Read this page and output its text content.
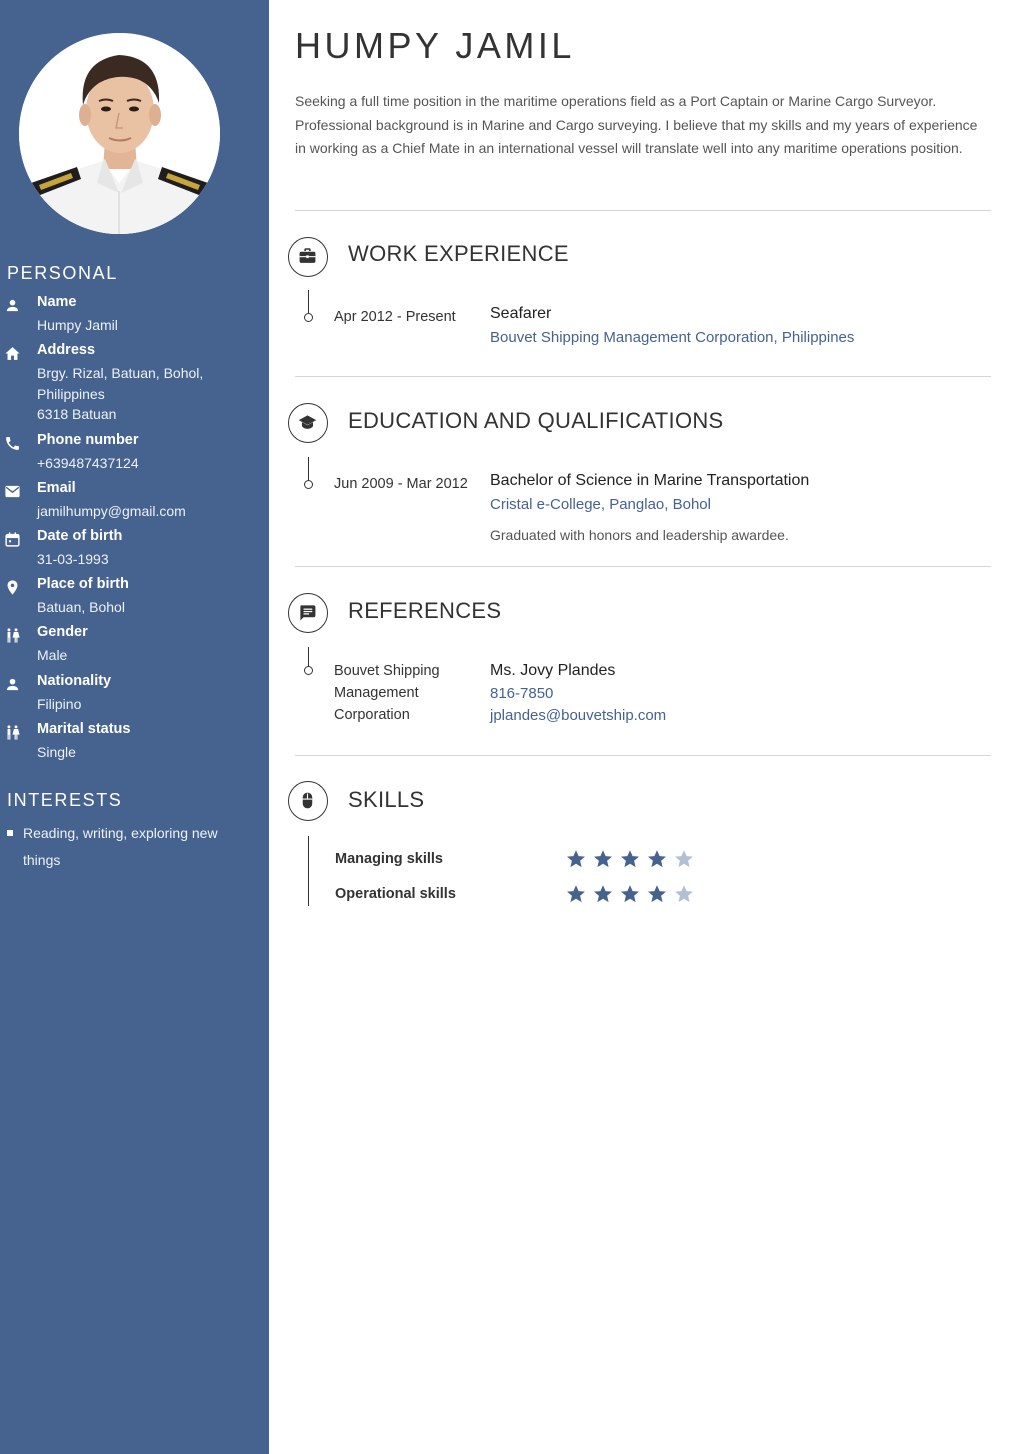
PERSONAL
Name
Humpy Jamil
Address
Brgy. Rizal, Batuan, Bohol,
Philippines
6318 Batuan
Phone number
+639487437124
Email
jamilhumpy@gmail.com
Date of birth
31-03-1993
Place of birth
Batuan, Bohol
Gender
Male
Nationality
Filipino
Marital status
Single
INTERESTS
Reading, writing, exploring new things
HUMPY JAMIL
Seeking a full time position in the maritime operations field as a Port Captain or Marine Cargo Surveyor. Professional background is in Marine and Cargo surveying. I believe that my skills and my years of experience in working as a Chief Mate in an international vessel will translate well into any maritime operations position.
WORK EXPERIENCE
Apr 2012 - Present Seafarer
Bouvet Shipping Management Corporation, Philippines
EDUCATION AND QUALIFICATIONS
Jun 2009 - Mar 2012 Bachelor of Science in Marine Transportation
Cristal e-College, Panglao, Bohol
Graduated with honors and leadership awardee.
REFERENCES
Bouvet Shipping
Management
Corporation
Ms. Jovy Plandes
816-7850
jplandes@bouvetship.com
SKILLS
Managing skills
Operational skills
